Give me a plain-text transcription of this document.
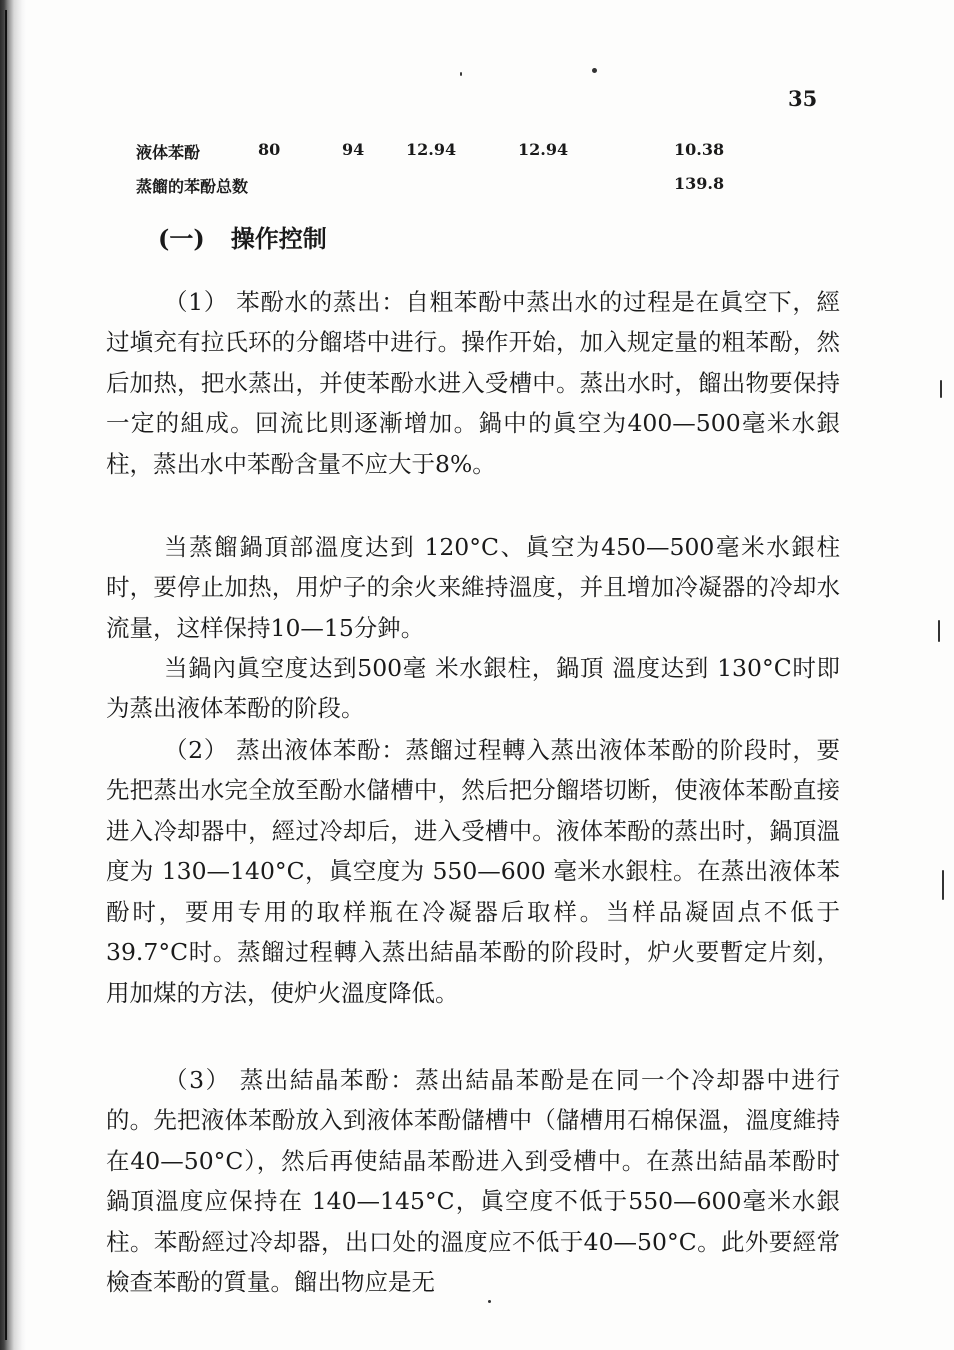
35
液体苯酚	80	94	12.94	12.94	10.38
蒸餾的苯酚总数	139.8
(一) 操作控制

（1） 苯酚水的蒸出：自粗苯酚中蒸出水的过程是在眞空下，經过塡充有拉氏环的分餾塔中进行。操作开始，加入规定量的粗苯酚，然后加热，把水蒸出，并使苯酚水进入受槽中。蒸出水时，餾出物要保持一定的組成。回流比則逐漸增加。鍋中的眞空为400—500毫米水銀柱，蒸出水中苯酚含量不应大于8%。

当蒸餾鍋頂部溫度达到 120°C、眞空为450—500毫米水銀柱时，要停止加热，用炉子的余火来維持溫度，并且增加冷凝器的冷却水流量，这样保持10—15分鈡。

当鍋內眞空度达到500毫 米水銀柱，鍋頂 溫度达到 130°C时即为蒸出液体苯酚的阶段。

（2） 蒸出液体苯酚：蒸餾过程轉入蒸出液体苯酚的阶段时，要先把蒸出水完全放至酚水儲槽中，然后把分餾塔切断，使液体苯酚直接进入冷却器中，經过冷却后，进入受槽中。液体苯酚的蒸出时，鍋頂溫度为 130—140°C，眞空度为 550—600 毫米水銀柱。在蒸出液体苯酚时，要用专用的取样瓶在冷凝器后取样。当样品凝固点不低于39.7°C时。蒸餾过程轉入蒸出結晶苯酚的阶段时，炉火要暫定片刻，用加煤的方法，使炉火溫度降低。

（3） 蒸出結晶苯酚：蒸出結晶苯酚是在同一个冷却器中进行的。先把液体苯酚放入到液体苯酚儲槽中（儲槽用石棉保溫，溫度維持在40—50°C），然后再使結晶苯酚进入到受槽中。在蒸出結晶苯酚时鍋頂溫度应保持在 140—145°C，眞空度不低于550—600毫米水銀柱。苯酚經过冷却器，出口处的溫度应不低于40—50°C。此外要經常檢查苯酚的質量。餾出物应是无
